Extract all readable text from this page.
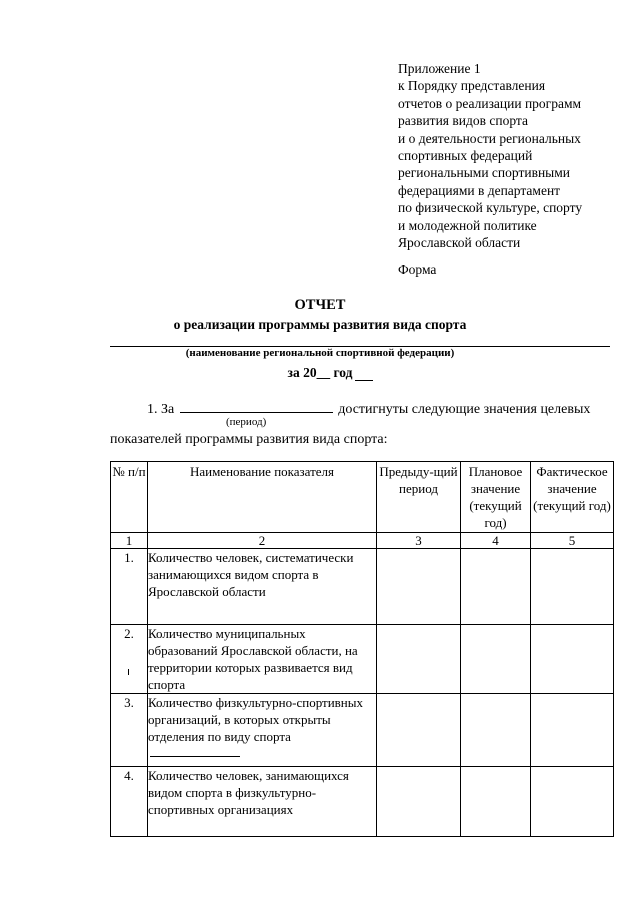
Приложение 1
к Порядку представления
отчетов о реализации программ
развития видов спорта
и о деятельности региональных
спортивных федераций
региональными спортивными
федерациями в департамент
по физической культуре, спорту
и молодежной политике
Ярославской области
Форма
ОТЧЕТ
о реализации программы развития вида спорта
(наименование региональной спортивной федерации)
за 20__ год
1. За	достигнуты следующие значения целевых
(период)
показателей программы развития вида спорта:
№ п/п	Наименование показателя	Предыду-щий период	Плановое значение (текущий год)	Фактическое значение (текущий год)
1	2	3	4	5
1.	Количество человек, систематически занимающихся видом спорта в Ярославской области			
2.	Количество муниципальных образований Ярославской области, на территории которых развивается вид спорта			
3.	Количество физкультурно-спортивных организаций, в которых открыты отделения по виду спорта

4.	Количество человек, занимающихся видом спорта в физкультурно-спортивных организациях			
